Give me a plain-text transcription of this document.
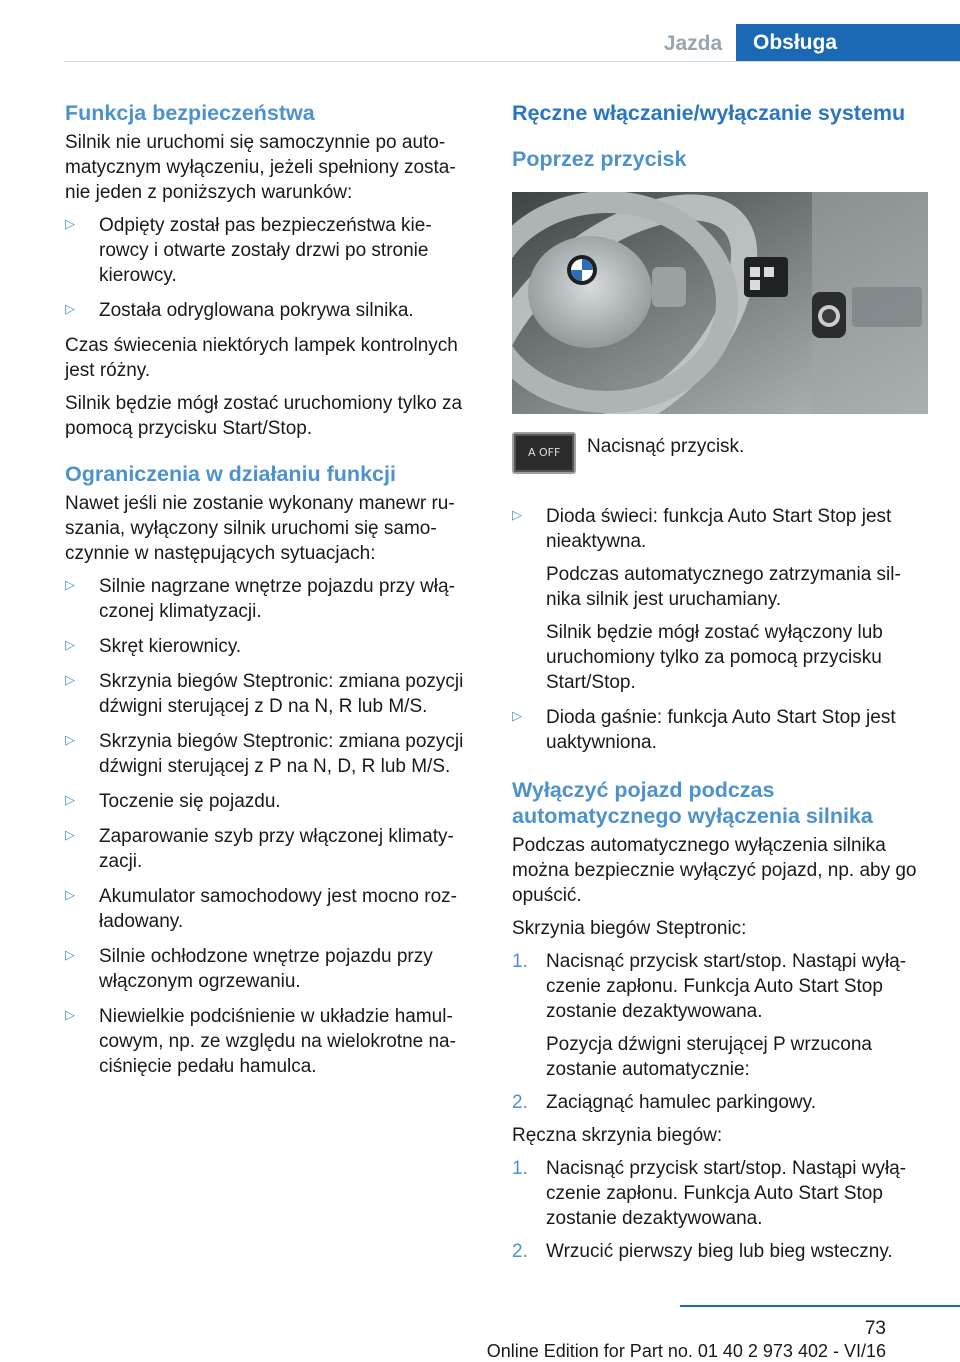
Jazda	Obsługa
Funkcja bezpieczeństwa

Silnik nie uruchomi się samoczynnie po auto‐matycznym wyłączeniu, jeżeli spełniony zosta‐nie jeden z poniższych warunków:

▷ Odpięty został pas bezpieczeństwa kie‐rowcy i otwarte zostały drzwi po stronie kierowcy.
▷ Została odryglowana pokrywa silnika.

Czas świecenia niektórych lampek kontrolnych jest różny.

Silnik będzie mógł zostać uruchomiony tylko za pomocą przycisku Start/Stop.

Ograniczenia w działaniu funkcji

Nawet jeśli nie zostanie wykonany manewr ru‐szania, wyłączony silnik uruchomi się samo‐czynnie w następujących sytuacjach:

▷ Silnie nagrzane wnętrze pojazdu przy włą‐czonej klimatyzacji.
▷ Skręt kierownicy.
▷ Skrzynia biegów Steptronic: zmiana pozycji dźwigni sterującej z D na N, R lub M/S.
▷ Skrzynia biegów Steptronic: zmiana pozycji dźwigni sterującej z P na N, D, R lub M/S.
▷ Toczenie się pojazdu.
▷ Zaparowanie szyb przy włączonej klimaty‐zacji.
▷ Akumulator samochodowy jest mocno roz‐ładowany.
▷ Silnie ochłodzone wnętrze pojazdu przy włączonym ogrzewaniu.
▷ Niewielkie podciśnienie w układzie hamul‐cowym, np. ze względu na wielokrotne na‐ciśnięcie pedału hamulca.
Ręczne włączanie/wyłączanie systemu
Poprzez przycisk
A OFF Nacisnąć przycisk.
▷ Dioda świeci: funkcja Auto Start Stop jest nieaktywna.
Podczas automatycznego zatrzymania sil‐nika silnik jest uruchamiany.
Silnik będzie mógł zostać wyłączony lub uruchomiony tylko za pomocą przycisku Start/Stop.
▷ Dioda gaśnie: funkcja Auto Start Stop jest uaktywniona.
Wyłączyć pojazd podczas automatycznego wyłączenia silnika

Podczas automatycznego wyłączenia silnika można bezpiecznie wyłączyć pojazd, np. aby go opuścić.

Skrzynia biegów Steptronic:

1. Nacisnąć przycisk start/stop. Nastąpi wyłą‐czenie zapłonu. Funkcja Auto Start Stop zostanie dezaktywowana.
Pozycja dźwigni sterującej P wrzucona zostanie automatycznie:
2. Zaciągnąć hamulec parkingowy.

Ręczna skrzynia biegów:

1. Nacisnąć przycisk start/stop. Nastąpi wyłą‐czenie zapłonu. Funkcja Auto Start Stop zostanie dezaktywowana.
2. Wrzucić pierwszy bieg lub bieg wsteczny.
73
Online Edition for Part no. 01 40 2 973 402 - VI/16
